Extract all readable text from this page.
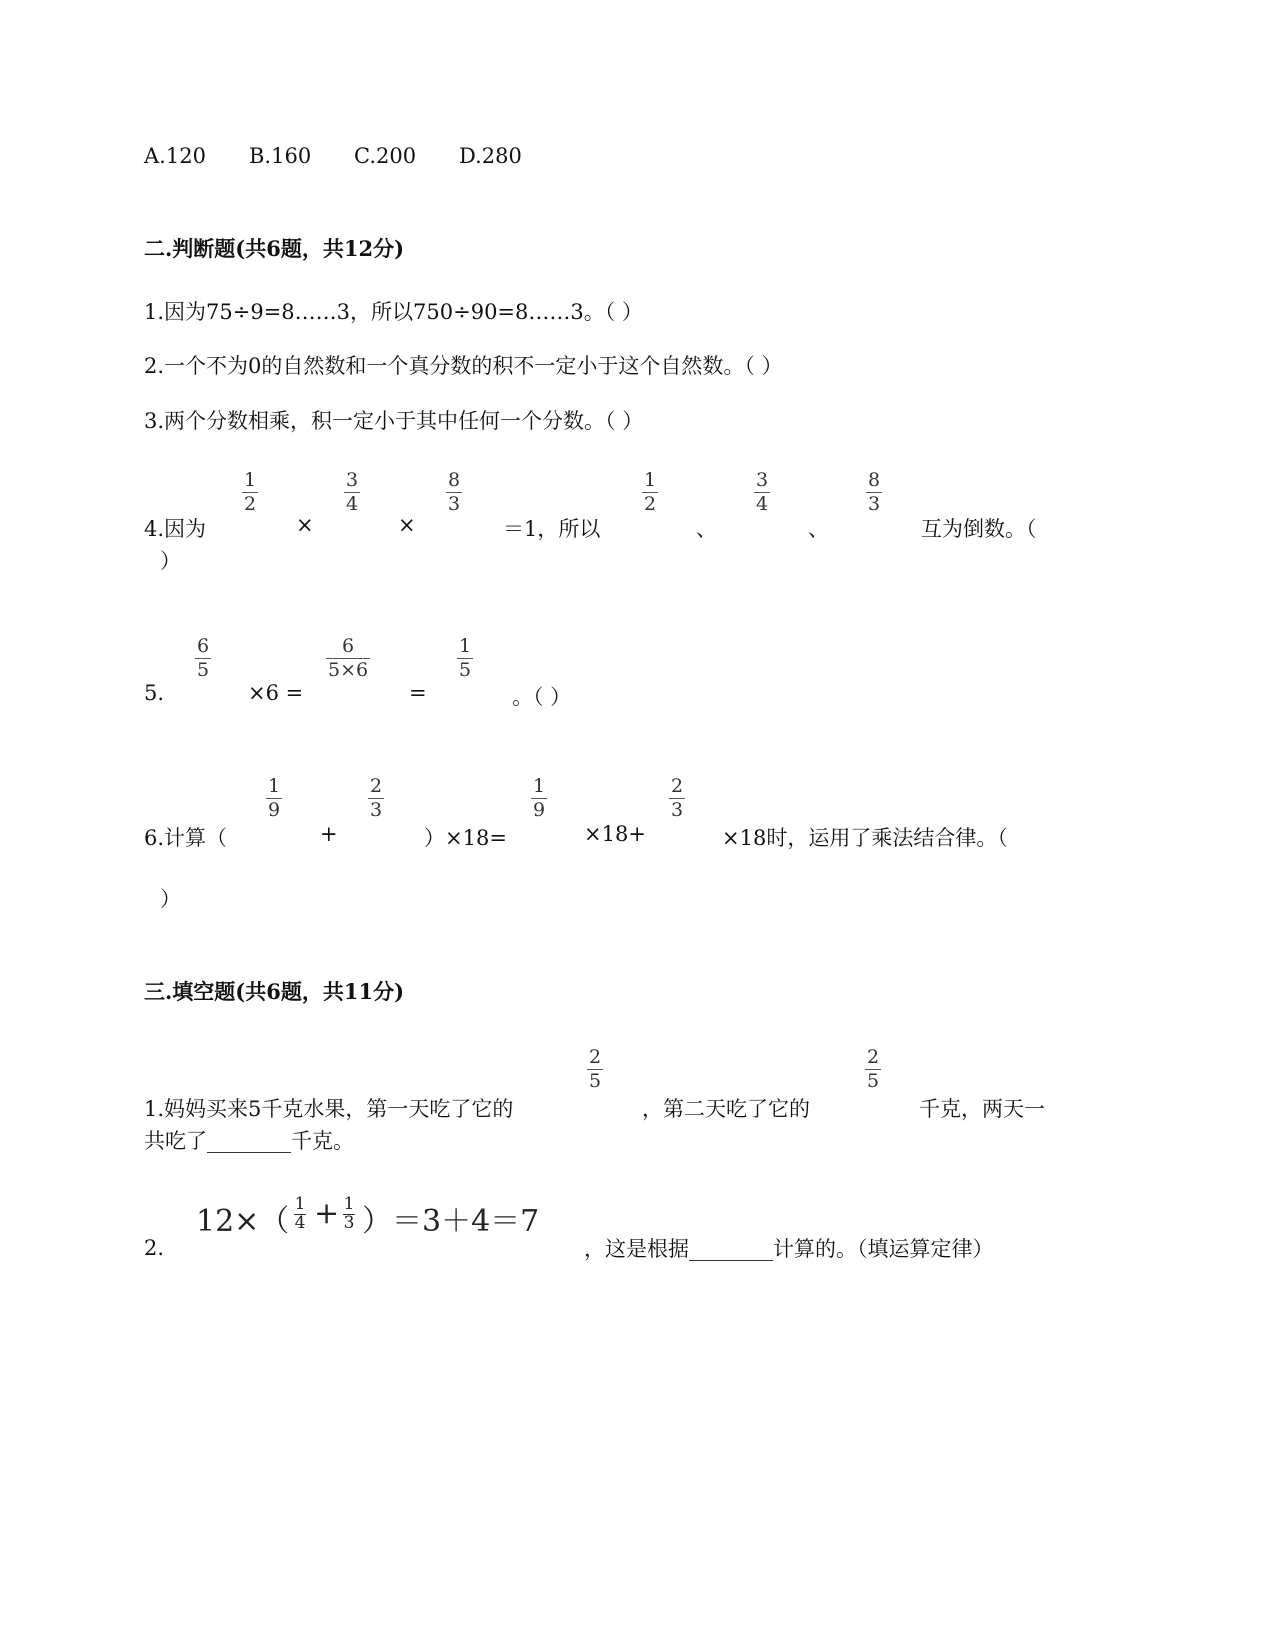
A.120 B.160 C.200 D.280
二.判断题(共6题，共12分)
1.因为75÷9=8……3，所以750÷90=8……3。（ ）
2.一个不为0的自然数和一个真分数的积不一定小于这个自然数。（ ）
3.两个分数相乘，积一定小于其中任何一个分数。（ ）
4.因为
1
2
×
3
4
×
8
3
＝1，所以
1
2
、
3
4
、
8
3
互为倒数。（
）
5.
6
5
×6 =
6
5×6
=
1
5
。（ ）
6.计算（
1
9
+
2
3
）×18=
1
9
×18+
2
3
×18时，运用了乘法结合律。（
）
三.填空题(共6题，共11分)
1.妈妈买来5千克水果，第一天吃了它的
2
5
，第二天吃了它的
2
5
千克，两天一
共吃了________千克。
2.
12×（ 1
4 + 1
3 ）＝3＋4＝7
，这是根据________计算的。（填运算定律）
